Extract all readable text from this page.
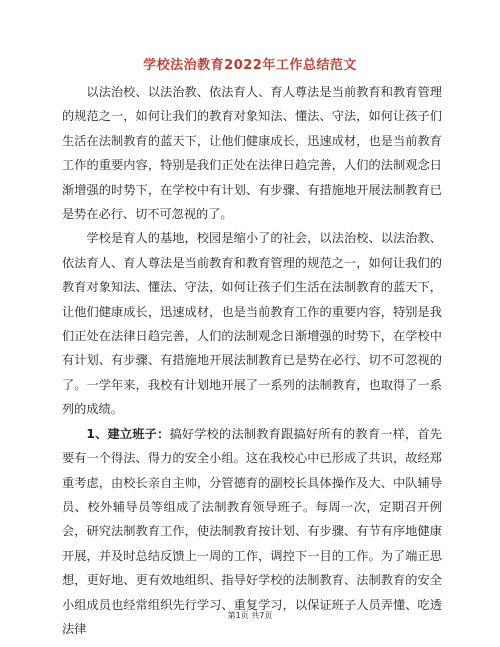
学校法治教育2022年工作总结范文

以法治校、以法治教、依法育人、育人尊法是当前教育和教育管理的规范之一，如何让我们的教育对象知法、懂法、守法，如何让孩子们生活在法制教育的蓝天下，让他们健康成长，迅速成材，也是当前教育工作的重要内容，特别是我们正处在法律日趋完善，人们的法制观念日渐增强的时势下，在学校中有计划、有步骤、有措施地开展法制教育已是势在必行、切不可忽视的了。

学校是育人的基地，校园是缩小了的社会，以法治校、以法治教、依法育人、育人尊法是当前教育和教育管理的规范之一，如何让我们的教育对象知法、懂法、守法，如何让孩子们生活在法制教育的蓝天下，让他们健康成长，迅速成材，也是当前教育工作的重要内容，特别是我们正处在法律日趋完善，人们的法制观念日渐增强的时势下，在学校中有计划、有步骤、有措施地开展法制教育已是势在必行、切不可忽视的了。一学年来，我校有计划地开展了一系列的法制教育，也取得了一系列的成绩。

1、建立班子：搞好学校的法制教育跟搞好所有的教育一样，首先要有一个得法、得力的安全小组。这在我校心中已形成了共识，故经郑重考虑，由校长亲自主帅，分管德育的副校长具体操作及大、中队辅导员、校外辅导员等组成了法制教育领导班子。每周一次，定期召开例会，研究法制教育工作，使法制教育按计划、有步骤、有节有序地健康开展，并及时总结反馈上一周的工作，调控下一目的工作。为了端正思想，更好地、更有效地组织、指导好学校的法制教育、法制教育的安全小组成员也经常组织先行学习、重复学习，以保证班子人员弄懂、吃透法律

第1页 共7页
